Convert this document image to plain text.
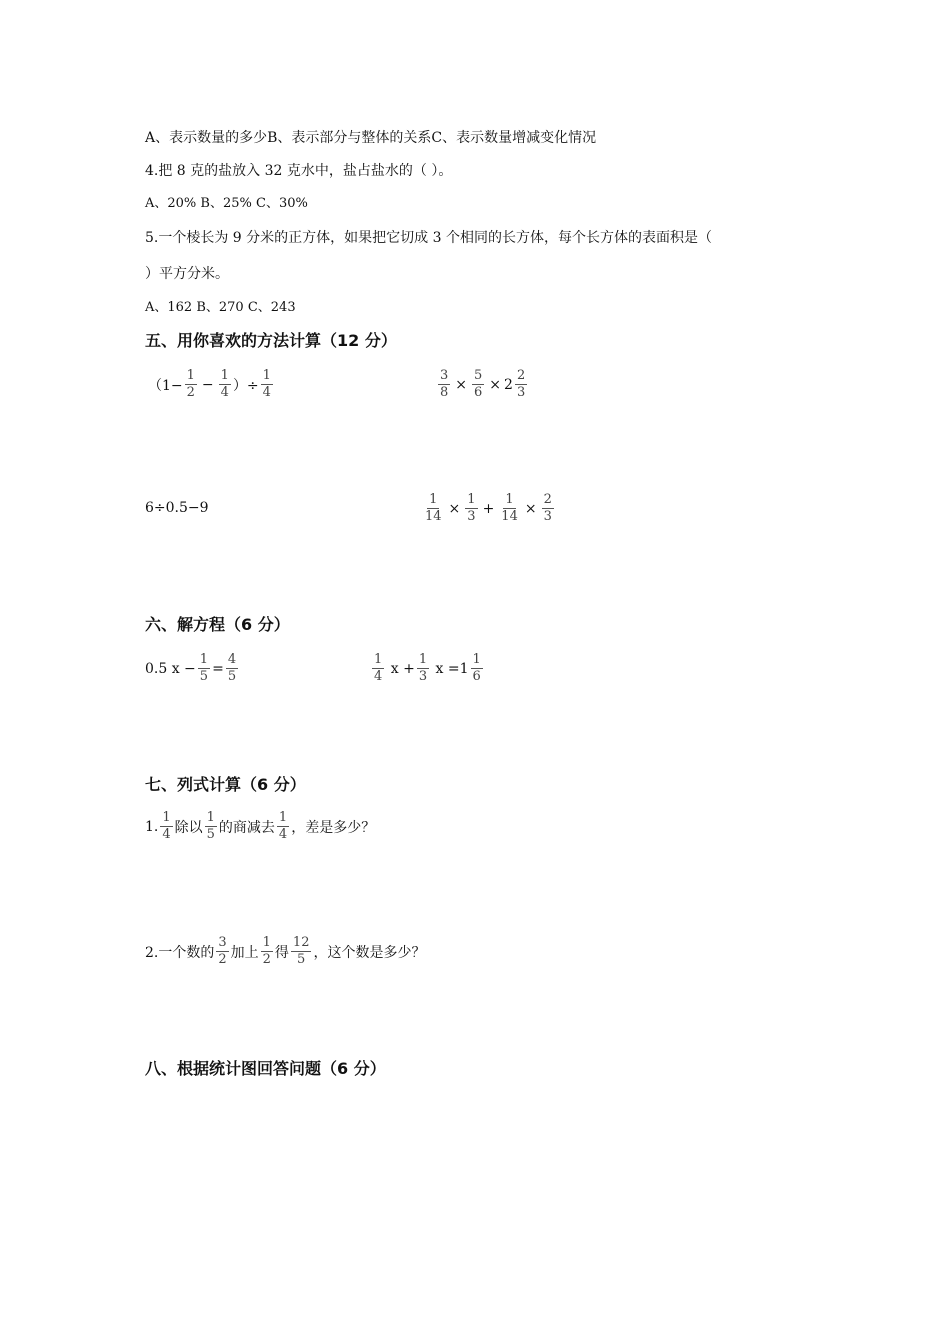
A、表示数量的多少B、表示部分与整体的关系C、表示数量增减变化情况
4.把 8 克的盐放入 32 克水中，盐占盐水的（ ）。
A、20% B、25% C、30%
5.一个棱长为 9 分米的正方体，如果把它切成 3 个相同的长方体，每个长方体的表面积是（
）平方分米。
A、162 B、270 C、243
五、用你喜欢的方法计算（12 分）
（$1- \frac{1}{2} - \frac{1}{4}$ ）÷ $\frac{1}{4}$	$\frac{3}{8} \times \frac{5}{6} \times 2 \frac{2}{3}$
6÷0.5−9	$\frac{1}{14} \times \frac{1}{3} + \frac{1}{14} \times \frac{2}{3}$
六、解方程（6 分）
0.5 $x - \frac{1}{5} = \frac{4}{5}$	$\frac{1}{4}$ $x + \frac{1}{3}$ $x =1 \frac{1}{6}$
七、列式计算（6 分）
1. $\frac{1}{4}$ 除以 $\frac{1}{5}$ 的商减去 $\frac{1}{4}$ ，差是多少？
2.一个数的 $\frac{3}{2}$ 加上 $\frac{1}{2}$ 得 $\frac{12}{5}$ ，这个数是多少？
八、根据统计图回答问题（6 分）
